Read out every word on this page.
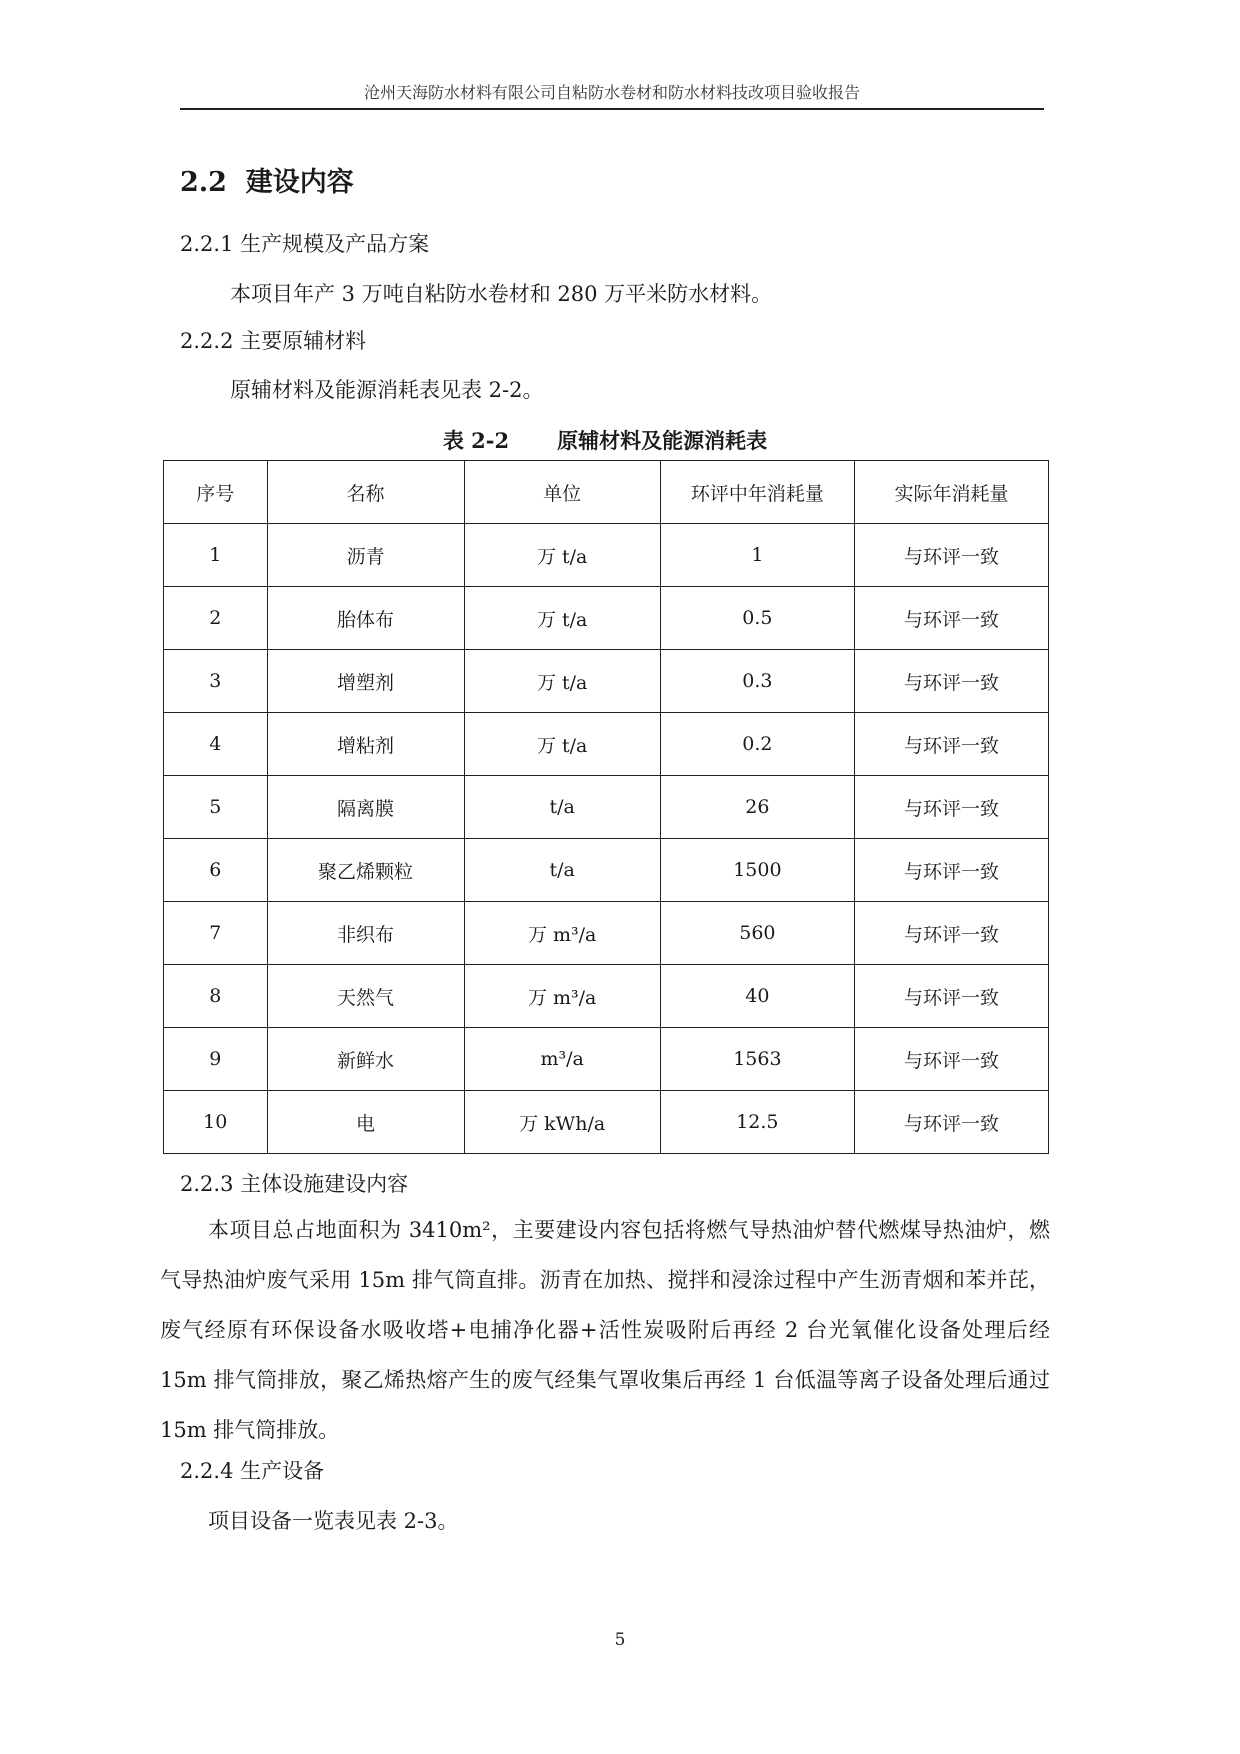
沧州天海防水材料有限公司自粘防水卷材和防水材料技改项目验收报告
2.2 建设内容
2.2.1 生产规模及产品方案
本项目年产 3 万吨自粘防水卷材和 280 万平米防水材料。
2.2.2 主要原辅材料
原辅材料及能源消耗表见表 2-2。
表 2-2 原辅材料及能源消耗表
序号	名称	单位	环评中年消耗量	实际年消耗量
1	沥青	万 t/a	1	与环评一致
2	胎体布	万 t/a	0.5	与环评一致
3	增塑剂	万 t/a	0.3	与环评一致
4	增粘剂	万 t/a	0.2	与环评一致
5	隔离膜	t/a	26	与环评一致
6	聚乙烯颗粒	t/a	1500	与环评一致
7	非织布	万 m³/a	560	与环评一致
8	天然气	万 m³/a	40	与环评一致
9	新鲜水	m³/a	1563	与环评一致
10	电	万 kWh/a	12.5	与环评一致
2.2.3 主体设施建设内容

本项目总占地面积为 3410m²，主要建设内容包括将燃气导热油炉替代燃煤导热油炉，燃气导热油炉废气采用 15m 排气筒直排。沥青在加热、搅拌和浸涂过程中产生沥青烟和苯并芘，废气经原有环保设备水吸收塔+电捕净化器+活性炭吸附后再经 2 台光氧催化设备处理后经 15m 排气筒排放，聚乙烯热熔产生的废气经集气罩收集后再经 1 台低温等离子设备处理后通过 15m 排气筒排放。

2.2.4 生产设备
项目设备一览表见表 2-3。
5
